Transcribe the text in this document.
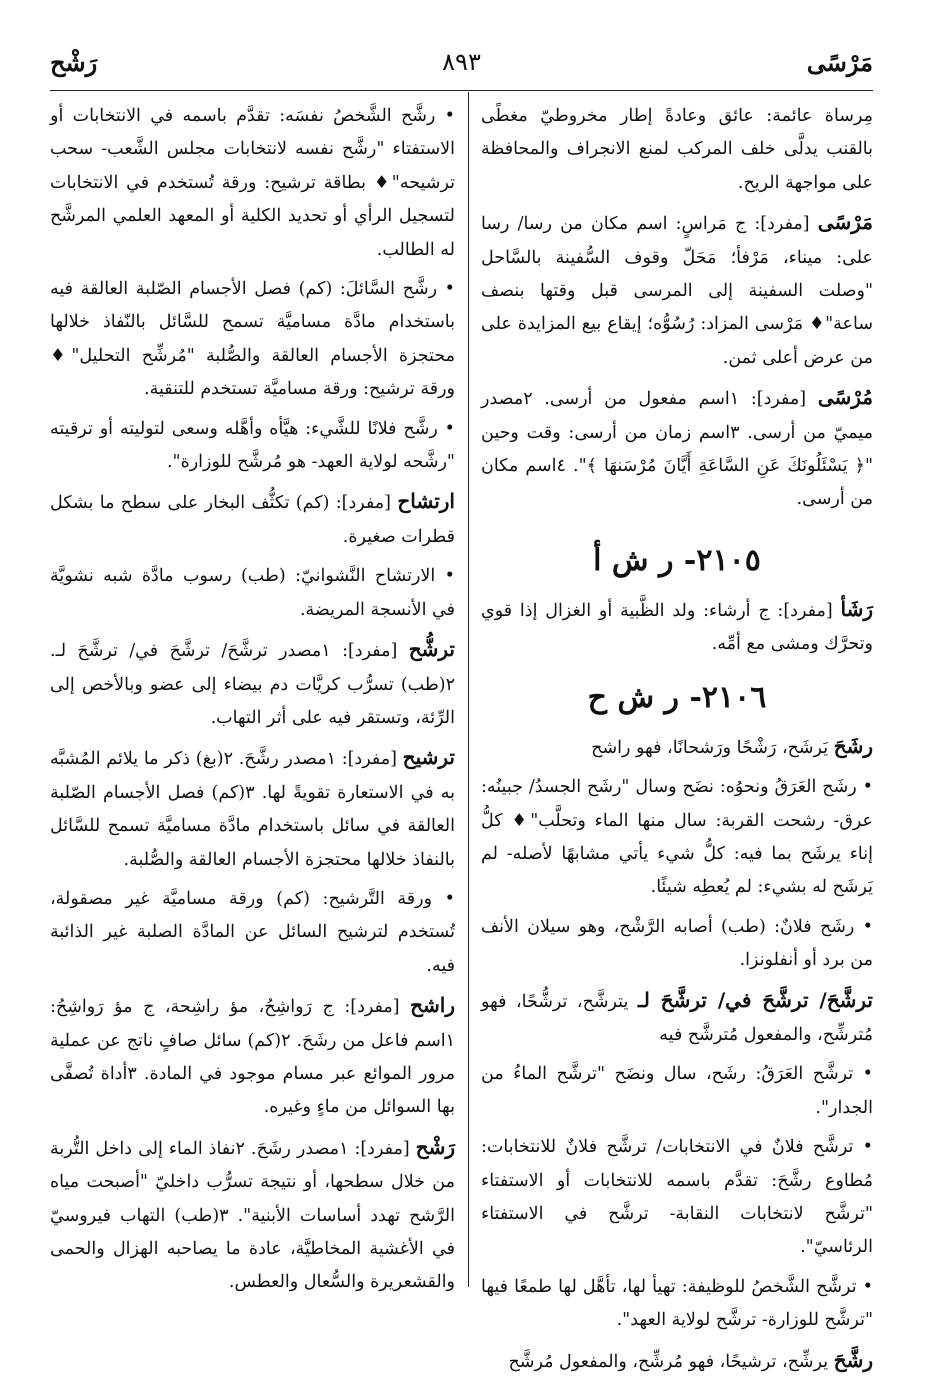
مَرْسًى
٨٩٣
رَشْح

مِرساة عائمة: عائق وعادةً إطار مخروطيّ مغطًى بالقنب يدلَّى خلف المركب لمنع الانجراف والمحافظة على مواجهة الريح.

مَرْسًى [مفرد]: ج مَراسٍ: اسم مكان من رسا/ رسا على: ميناء، مَرْفأ؛ مَحَلّ وقوف السُّفينة بالسَّاحل "وصلت السفينة إلى المرسى قبل وقتها بنصف ساعة"♦ مَرْسى المزاد: رُسُوُّه؛ إيقاع بيع المزايدة على من عرض أعلى ثمن.

مُرْسًى [مفرد]: ١اسم مفعول من أرسى. ٢مصدر ميميّ من أرسى. ٣اسم زمان من أرسى: وقت وحين "﴿ يَسْئَلُونَكَ عَنِ السَّاعَةِ أَيَّانَ مُرْسَنهَا ﴾". ٤اسم مكان من أرسى.

٢١٠٥- ر ش أ

رَشَأ [مفرد]: ج أرشاء: ولد الظَّبية أو الغزال إذا قوي وتحرَّك ومشى مع أمِّه.

٢١٠٦- ر ش ح

رشَحَ يَرشَح، رَشْحًا ورَشحانًا، فهو راشح

• رشَح العَرَقُ ونحوُه: نضَح وسال "رشَح الجسدُ/ جبينُه: عرق- رشحت القربة: سال منها الماء وتحلَّب"♦ كلُّ إناء يرشَح بما فيه: كلُّ شيء يأتي مشابهًا لأصله- لم يَرشَح له بشيء: لم يُعطِه شيئًا.

• رشَح فلانٌ: (طب) أصابه الرَّشْح، وهو سيلان الأنف من برد أو أنفلونزا.

ترشَّحَ/ ترشَّحَ في/ ترشَّحَ لـ يترشَّح، ترشُّحًا، فهو مُترشِّح، والمفعول مُترشَّح فيه

• ترشَّح العَرَقُ: رشَح، سال ونضَح "ترشَّح الماءُ من الجدار".

• ترشَّح فلانٌ في الانتخابات/ ترشَّح فلانٌ للانتخابات: مُطاوع رشَّحَ: تقدَّم باسمه للانتخابات أو الاستفتاء "ترشَّح لانتخابات النقابة- ترشَّح في الاستفتاء الرئاسيّ".

• ترشَّح الشَّخصُ للوظيفة: تهيأ لها، تأهَّل لها طمعًا فيها "ترشَّح للوزارة- ترشَّح لولاية العهد".

رشَّحَ يرشِّح، ترشيحًا، فهو مُرشِّح، والمفعول مُرشَّح

• رشَّح الشَّخصُ نفسَه: تقدَّم باسمه في الانتخابات أو الاستفتاء "رشَّح نفسه لانتخابات مجلس الشَّعب- سحب ترشيحه"♦ بطاقة ترشيح: ورقة تُستخدم في الانتخابات لتسجيل الرأي أو تحديد الكلية أو المعهد العلمي المرشَّح له الطالب.

• رشَّح السَّائلَ: (كم) فصل الأجسام الصّلبة العالقة فيه باستخدام مادَّة مساميَّة تسمح للسَّائل بالنّفاذ خلالها محتجزة الأجسام العالقة والصُّلبة "مُرشِّح التحليل"♦ ورقة ترشيح: ورقة مساميَّة تستخدم للتنقية.

• رشَّح فلانًا للشَّيء: هيَّأه وأهَّله وسعى لتوليته أو ترقيته "رشَّحه لولاية العهد- هو مُرشَّح للوزارة".

ارتشاح [مفرد]: (كم) تكثُّف البخار على سطح ما بشكل قطرات صغيرة.

• الارتشاح النَّشوانيّ: (طب) رسوب مادَّة شبه نشويَّة في الأنسجة المريضة.

ترشُّح [مفرد]: ١مصدر ترشَّحَ/ ترشَّحَ في/ ترشَّحَ لـ. ٢(طب) تسرُّب كريَّات دم بيضاء إلى عضو وبالأخص إلى الرِّئة، وتستقر فيه على أثر التهاب.

ترشيح [مفرد]: ١مصدر رشَّحَ. ٢(بغ) ذكر ما يلائم المُشبَّه به في الاستعارة تقويةً لها. ٣(كم) فصل الأجسام الصّلبة العالقة في سائل باستخدام مادَّة مساميَّة تسمح للسَّائل بالنفاذ خلالها محتجزة الأجسام العالقة والصُّلبة.

• ورقة التَّرشيح: (كم) ورقة مساميَّة غير مصقولة، تُستخدم لترشيح السائل عن المادَّة الصلبة غير الذائبة فيه.

راشح [مفرد]: ج رَواشِحُ، مؤ راشِحة، ج مؤ رَواشِحُ: ١اسم فاعل من رشَحَ. ٢(كم) سائل صافٍ ناتج عن عملية مرور الموائع عبر مسام موجود في المادة. ٣أداة تُصفَّى بها السوائل من ماءٍ وغيره.

رَشْح [مفرد]: ١مصدر رشَحَ. ٢نفاذ الماء إلى داخل التُّربة من خلال سطحها، أو نتيجة تسرُّب داخليّ "أصبحت مياه الرَّشح تهدد أساسات الأبنية". ٣(طب) التهاب فيروسيّ في الأغشية المخاطيَّة، عادة ما يصاحبه الهزال والحمى والقشعريرة والسُّعال والعطس.
